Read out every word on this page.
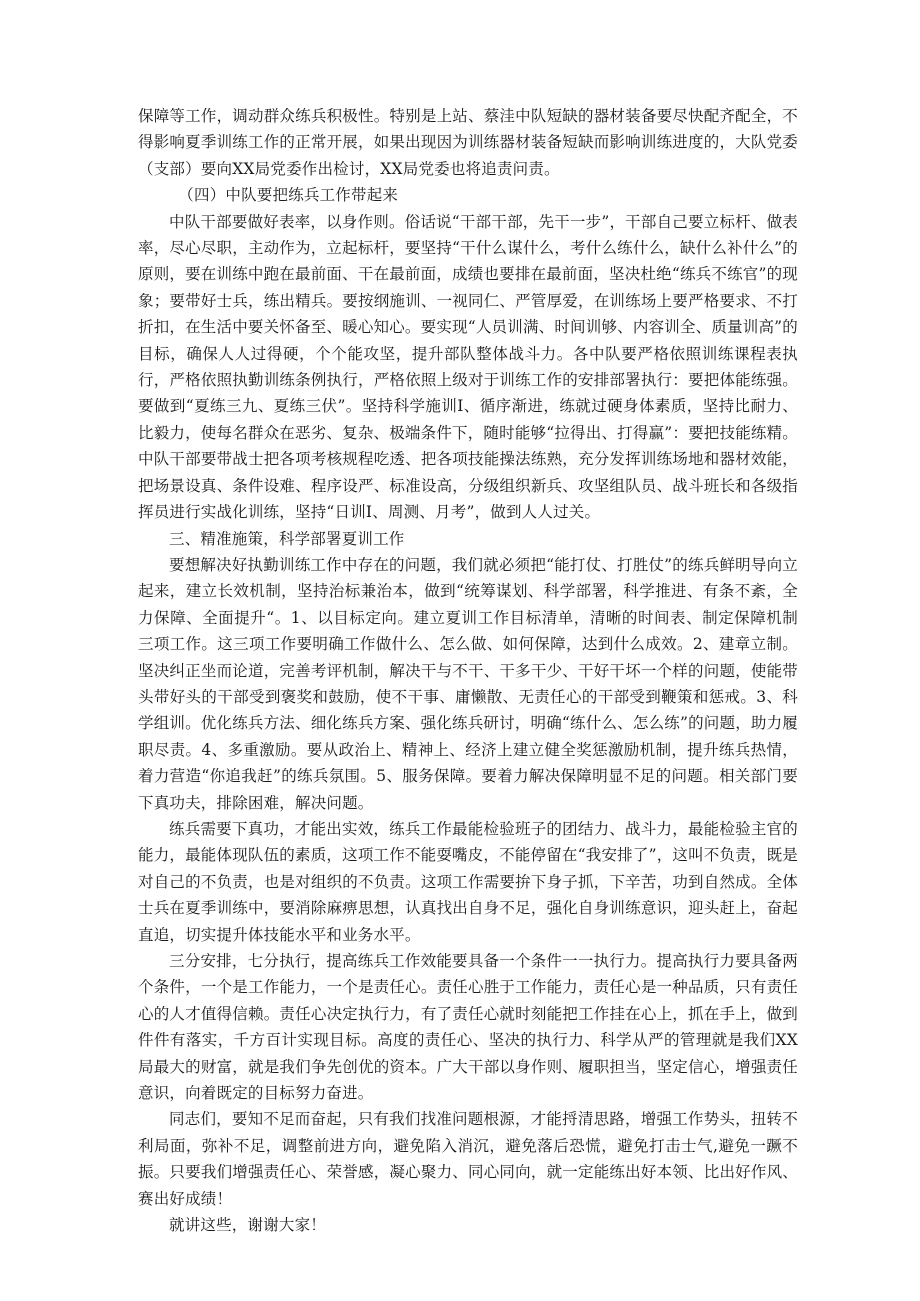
保障等工作，调动群众练兵积极性。特别是上站、蔡洼中队短缺的器材装备要尽快配齐配全，不得影响夏季训练工作的正常开展，如果出现因为训练器材装备短缺而影响训练进度的，大队党委（支部）要向XX局党委作出检讨，XX局党委也将追责问责。

（四）中队要把练兵工作带起来

中队干部要做好表率，以身作则。俗话说“干部干部，先干一步”，干部自己要立标杆、做表率，尽心尽职，主动作为，立起标杆，要坚持“干什么谋什么，考什么练什么，缺什么补什么”的原则，要在训练中跑在最前面、干在最前面，成绩也要排在最前面，坚决杜绝“练兵不练官”的现象；要带好士兵，练出精兵。要按纲施训、一视同仁、严管厚爱，在训练场上要严格要求、不打折扣，在生活中要关怀备至、暖心知心。要实现“人员训满、时间训够、内容训全、质量训高”的目标，确保人人过得硬，个个能攻坚，提升部队整体战斗力。各中队要严格依照训练课程表执行，严格依照执勤训练条例执行，严格依照上级对于训练工作的安排部署执行：要把体能练强。要做到“夏练三九、夏练三伏”。坚持科学施训Ⅰ、循序渐进，练就过硬身体素质，坚持比耐力、比毅力，使每名群众在恶劣、复杂、极端条件下，随时能够“拉得出、打得赢”：要把技能练精。中队干部要带战士把各项考核规程吃透、把各项技能操法练熟，充分发挥训练场地和器材效能，把场景设真、条件设难、程序设严、标准设高，分级组织新兵、攻坚组队员、战斗班长和各级指挥员进行实战化训练，坚持“日训Ⅰ、周测、月考”，做到人人过关。

三、精准施策，科学部署夏训工作

要想解决好执勤训练工作中存在的问题，我们就必须把“能打仗、打胜仗”的练兵鲜明导向立起来，建立长效机制，坚持治标兼治本，做到“统筹谋划、科学部署，科学推进、有条不紊，全力保障、全面提升“。1、以目标定向。建立夏训工作目标清单，清晰的时间表、制定保障机制三项工作。这三项工作要明确工作做什么、怎么做、如何保障，达到什么成效。2、建章立制。坚决纠正坐而论道，完善考评机制，解决干与不干、干多干少、干好干坏一个样的问题，使能带头带好头的干部受到褒奖和鼓励，使不干事、庸懒散、无责任心的干部受到鞭策和惩戒。3、科学组训。优化练兵方法、细化练兵方案、强化练兵研讨，明确“练什么、怎么练”的问题，助力履职尽责。4、多重激励。要从政治上、精神上、经济上建立健全奖惩激励机制，提升练兵热情，着力营造“你追我赶”的练兵氛围。5、服务保障。要着力解决保障明显不足的问题。相关部门要下真功夫，排除困难，解决问题。

练兵需要下真功，才能出实效，练兵工作最能检验班子的团结力、战斗力，最能检验主官的能力，最能体现队伍的素质，这项工作不能耍嘴皮，不能停留在“我安排了”，这叫不负责，既是对自己的不负责，也是对组织的不负责。这项工作需要拚下身子抓，下辛苦，功到自然成。全体士兵在夏季训练中，要消除麻痹思想，认真找出自身不足，强化自身训练意识，迎头赶上，奋起直追，切实提升体技能水平和业务水平。

三分安排，七分执行，提高练兵工作效能要具备一个条件一一执行力。提高执行力要具备两个条件，一个是工作能力，一个是责任心。责任心胜于工作能力，责任心是一种品质，只有责任心的人才值得信赖。责任心决定执行力，有了责任心就时刻能把工作挂在心上，抓在手上，做到件件有落实，千方百计实现目标。高度的责任心、坚决的执行力、科学从严的管理就是我们XX局最大的财富，就是我们争先创优的资本。广大干部以身作则、履职担当，坚定信心，增强责任意识，向着既定的目标努力奋进。

同志们，要知不足而奋起，只有我们找准问题根源，才能捋清思路，增强工作势头，扭转不利局面，弥补不足，调整前进方向，避免陷入消沉，避免落后恐慌，避免打击士气,避免一蹶不振。只要我们增强责任心、荣誉感，凝心聚力、同心同向，就一定能练出好本领、比出好作风、赛出好成绩！

就讲这些，谢谢大家！
